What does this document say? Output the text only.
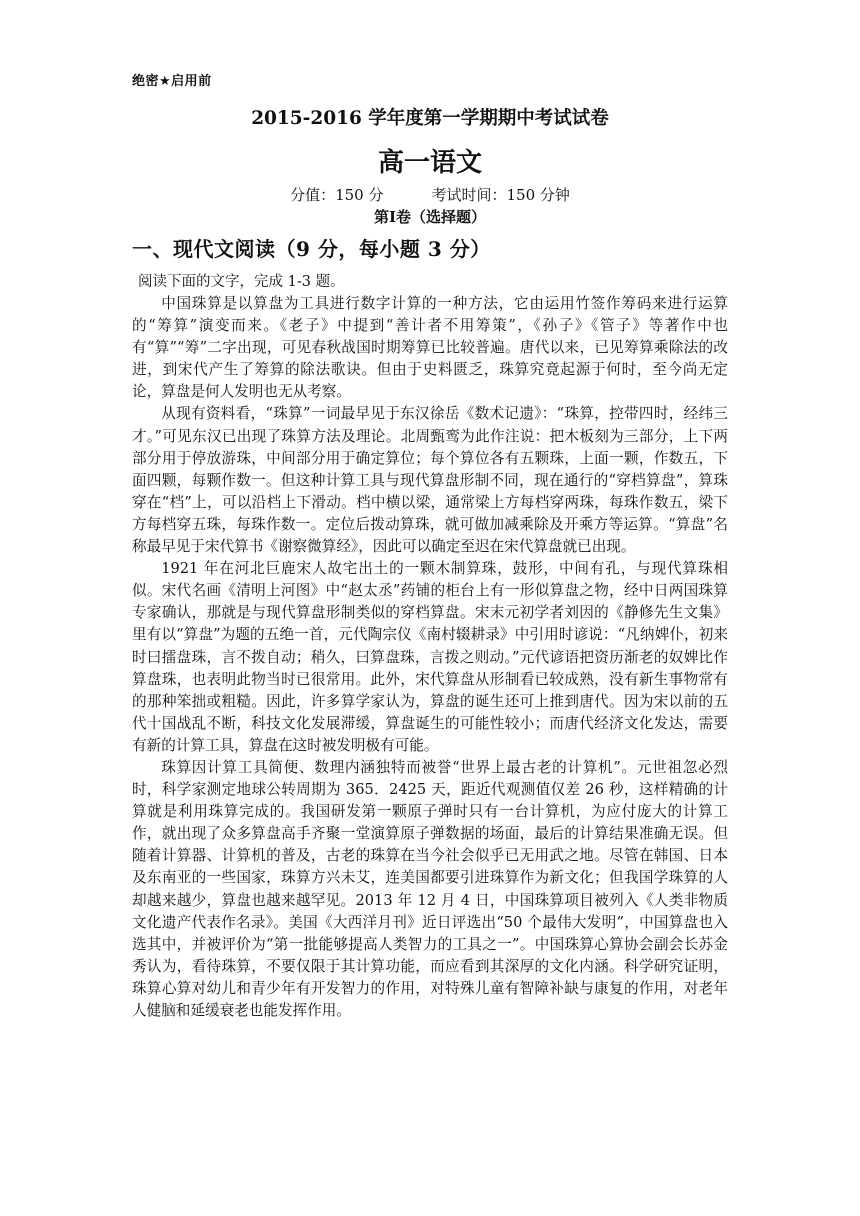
绝密★启用前
2015-2016 学年度第一学期期中考试试卷
高一语文
分值：150 分	考试时间：150 分钟
第Ⅰ卷（选择题）
一、现代文阅读（9 分，每小题 3 分）
阅读下面的文字，完成 1-3 题。

中国珠算是以算盘为工具进行数字计算的一种方法，它由运用竹签作筹码来进行运算的“筹算”演变而来。《老子》中提到“善计者不用筹策”，《孙子》《管子》等著作中也有“算”“筹”二字出现，可见春秋战国时期筹算已比较普遍。唐代以来，已见筹算乘除法的改进，到宋代产生了筹算的除法歌诀。但由于史料匮乏，珠算究竟起源于何时，至今尚无定论，算盘是何人发明也无从考察。

从现有资料看，“珠算”一词最早见于东汉徐岳《数术记遗》：“珠算，控带四时，经纬三才。”可见东汉已出现了珠算方法及理论。北周甄鸾为此作注说：把木板刻为三部分，上下两部分用于停放游珠，中间部分用于确定算位；每个算位各有五颗珠，上面一颗，作数五，下面四颗，每颗作数一。但这种计算工具与现代算盘形制不同，现在通行的“穿档算盘”，算珠穿在“档”上，可以沿档上下滑动。档中横以梁，通常梁上方每档穿两珠，每珠作数五，梁下方每档穿五珠，每珠作数一。定位后拨动算珠，就可做加减乘除及开乘方等运算。“算盘”名称最早见于宋代算书《谢察微算经》，因此可以确定至迟在宋代算盘就已出现。

1921 年在河北巨鹿宋人故宅出土的一颗木制算珠，鼓形，中间有孔，与现代算珠相似。宋代名画《清明上河图》中“赵太丞”药铺的柜台上有一形似算盘之物，经中日两国珠算专家确认，那就是与现代算盘形制类似的穿档算盘。宋末元初学者刘因的《静修先生文集》里有以“算盘”为题的五绝一首，元代陶宗仪《南村辍耕录》中引用时谚说：“凡纳婢仆，初来时曰擂盘珠，言不拨自动；稍久，曰算盘珠，言拨之则动。”元代谚语把资历渐老的奴婢比作算盘珠，也表明此物当时已很常用。此外，宋代算盘从形制看已较成熟，没有新生事物常有的那种笨拙或粗糙。因此，许多算学家认为，算盘的诞生还可上推到唐代。因为宋以前的五代十国战乱不断，科技文化发展滞缓，算盘诞生的可能性较小；而唐代经济文化发达，需要有新的计算工具，算盘在这时被发明极有可能。

珠算因计算工具简便、数理内涵独特而被誉“世界上最古老的计算机”。元世祖忽必烈时，科学家测定地球公转周期为 365．2425 天，距近代观测值仅差 26 秒，这样精确的计算就是利用珠算完成的。我国研发第一颗原子弹时只有一台计算机，为应付庞大的计算工作，就出现了众多算盘高手齐聚一堂演算原子弹数据的场面，最后的计算结果准确无误。但随着计算器、计算机的普及，古老的珠算在当今社会似乎已无用武之地。尽管在韩国、日本及东南亚的一些国家，珠算方兴未艾，连美国都要引进珠算作为新文化；但我国学珠算的人却越来越少，算盘也越来越罕见。2013 年 12 月 4 日，中国珠算项目被列入《人类非物质文化遗产代表作名录》。美国《大西洋月刊》近日评选出“50 个最伟大发明”，中国算盘也入选其中，并被评价为“第一批能够提高人类智力的工具之一”。中国珠算心算协会副会长苏金秀认为，看待珠算，不要仅限于其计算功能，而应看到其深厚的文化内涵。科学研究证明，珠算心算对幼儿和青少年有开发智力的作用，对特殊儿童有智障补缺与康复的作用，对老年人健脑和延缓衰老也能发挥作用。
